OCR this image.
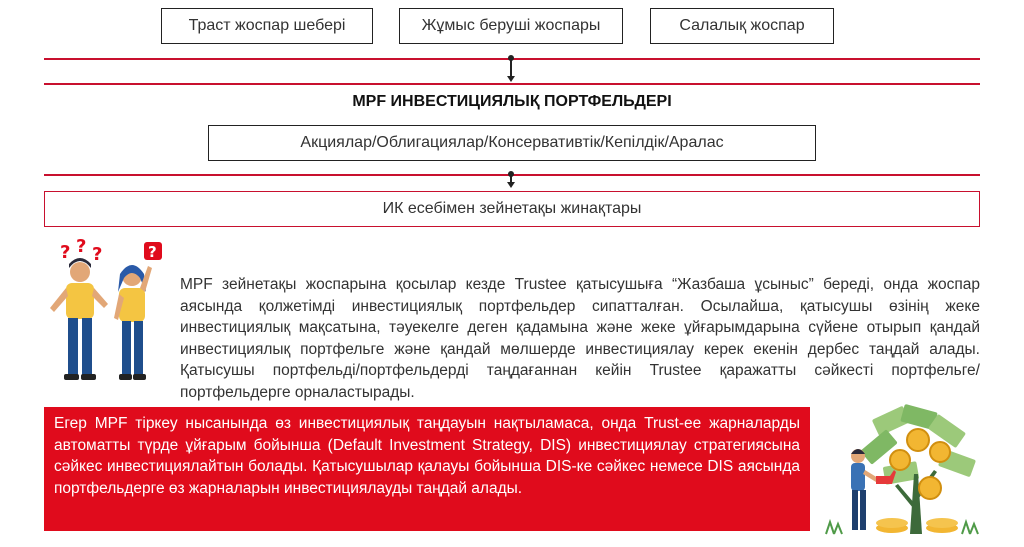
Траст жоспар шебері	Жұмыс беруші жоспары	Салалық жоспар
MPF ИНВЕСТИЦИЯЛЫҚ ПОРТФЕЛЬДЕРІ
Акциялар/Облигациялар/Консервативтік/Кепілдік/Аралас
ИК есебімен зейнетақы жинақтары
? ? ?	?
MPF зейнетақы жоспарына қосылар кезде Trustee қатысушыға “Жазбаша ұсыныс” береді, онда жоспар аясында қолжетімді инвестициялық портфельдер сипатталған. Осылайша, қатысушы өзінің жеке инвестициялық мақсатына, тәуекелге деген қадамына және жеке ұйғарымдарына сүйене отырып қандай инвестициялық портфельге және қандай мөлшерде инвестициялау керек екенін дербес таңдай алады. Қатысушы портфельді/портфельдерді таңдағаннан кейін Trustee қаражатты сәйкесті портфельге/портфельдерге орналастырады.
Егер MPF тіркеу нысанында өз инвестициялық таңдауын нақтыламаса, онда Trust-ee жарналарды автоматты түрде ұйғарым бойынша (Default Investment Strategy, DIS) инвестициялау стратегиясына сәйкес инвестициялайтын болады. Қатысушылар қалауы бойынша DIS-ке сәйкес немесе DIS аясында портфельдерге өз жарналарын инвестициялауды таңдай алады.
